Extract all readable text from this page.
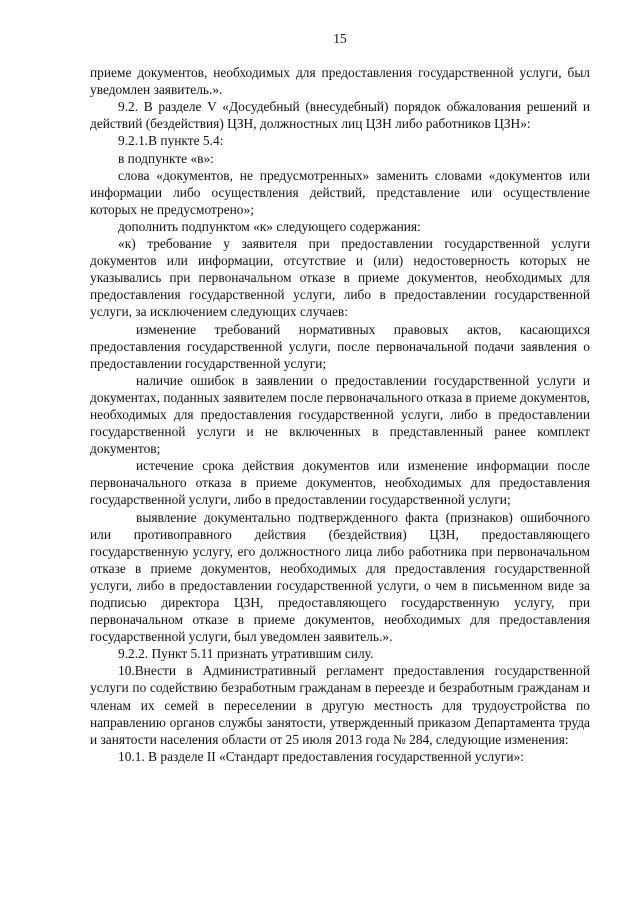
15

приеме документов, необходимых для предоставления государственной услуги, был уведомлен заявитель.».

9.2. В разделе V «Досудебный (внесудебный) порядок обжалования решений и действий (бездействия) ЦЗН, должностных лиц ЦЗН либо работников ЦЗН»:

9.2.1.В пункте 5.4:

в подпункте «в»:

слова «документов, не предусмотренных» заменить словами «документов или информации либо осуществления действий, представление или осуществление которых не предусмотрено»;

дополнить подпунктом «к» следующего содержания:

«к) требование у заявителя при предоставлении государственной услуги документов или информации, отсутствие и (или) недостоверность которых не указывались при первоначальном отказе в приеме документов, необходимых для предоставления государственной услуги, либо в предоставлении государственной услуги, за исключением следующих случаев:

изменение требований нормативных правовых актов, касающихся предоставления государственной услуги, после первоначальной подачи заявления о предоставлении государственной услуги;

наличие ошибок в заявлении о предоставлении государственной услуги и документах, поданных заявителем после первоначального отказа в приеме документов, необходимых для предоставления государственной услуги, либо в предоставлении государственной услуги и не включенных в представленный ранее комплект документов;

истечение срока действия документов или изменение информации после первоначального отказа в приеме документов, необходимых для предоставления государственной услуги, либо в предоставлении государственной услуги;

выявление документально подтвержденного факта (признаков) ошибочного или противоправного действия (бездействия) ЦЗН, предоставляющего государственную услугу, его должностного лица либо работника при первоначальном отказе в приеме документов, необходимых для предоставления государственной услуги, либо в предоставлении государственной услуги, о чем в письменном виде за подписью директора ЦЗН, предоставляющего государственную услугу, при первоначальном отказе в приеме документов, необходимых для предоставления государственной услуги, был уведомлен заявитель.».

9.2.2. Пункт 5.11 признать утратившим силу.

10.Внести в Административный регламент предоставления государственной услуги по содействию безработным гражданам в переезде и безработным гражданам и членам их семей в переселении в другую местность для трудоустройства по направлению органов службы занятости, утвержденный приказом Департамента труда и занятости населения области от 25 июля 2013 года № 284, следующие изменения:

10.1. В разделе II «Стандарт предоставления государственной услуги»:
